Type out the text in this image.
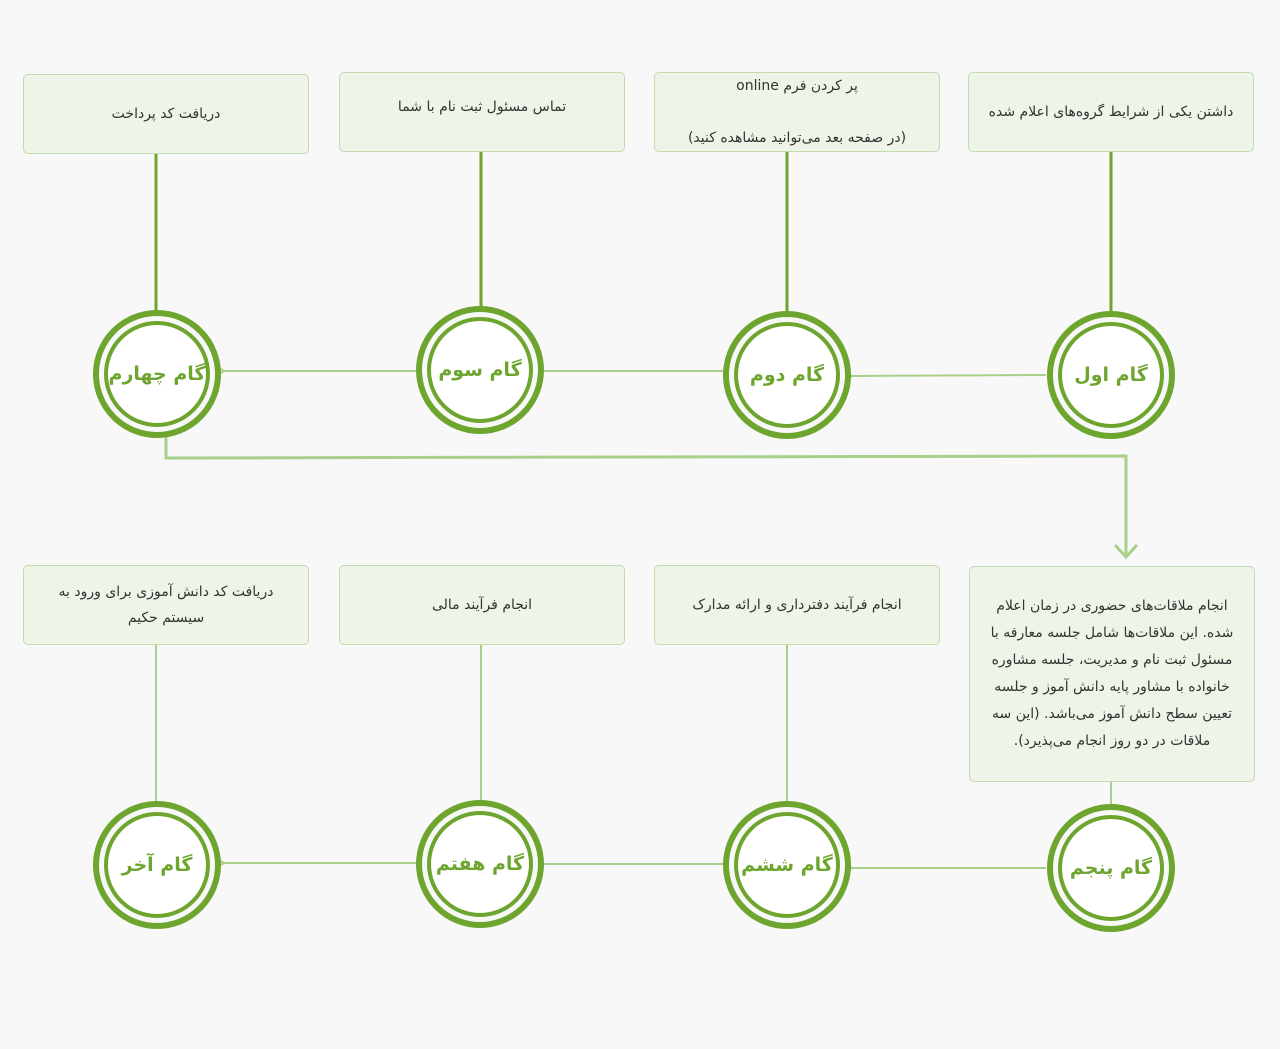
داشتن یکی از شرایط گروه‌های اعلام شده

پر کردن فرم online

(در صفحه بعد می‌توانید مشاهده کنید)

تماس مسئول ثبت نام با شما
دریافت کد پرداخت
گام اول
گام دوم
گام سوم
گام چهارم
انجام ملاقات‌های حضوری در زمان اعلام شده. این ملاقات‌ها شامل جلسه معارفه با مسئول ثبت نام و مدیریت، جلسه مشاوره خانواده با مشاور پایه دانش آموز و جلسه تعیین سطح دانش آموز می‌باشد. (این سه ملاقات در دو روز انجام می‌پذیرد).
انجام فرآیند دفترداری و ارائه مدارک
انجام فرآیند مالی
دریافت کد دانش آموزی برای ورود به سیستم حکیم
گام پنجم
گام ششم
گام هفتم
گام آخر
